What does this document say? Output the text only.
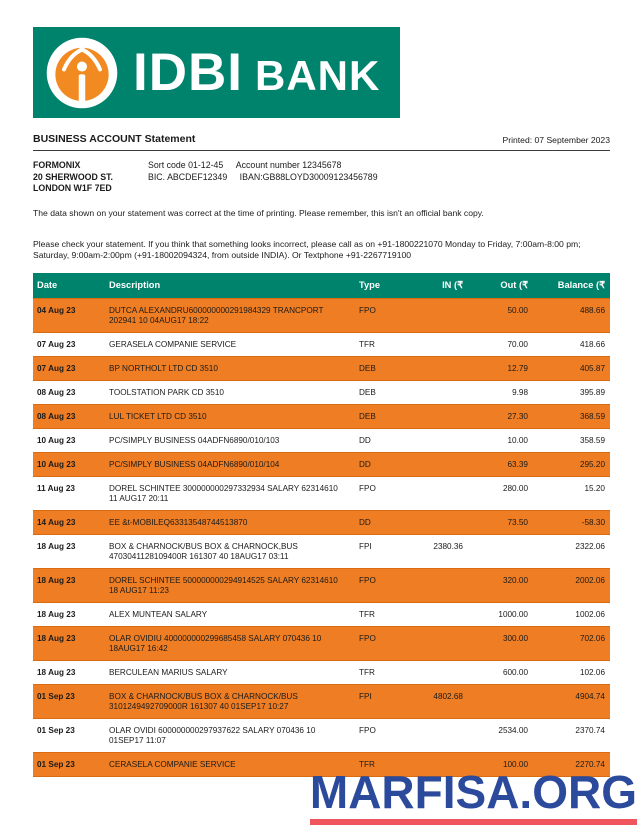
IDBI BANK
BUSINESS ACCOUNT Statement	Printed: 07 September 2023
FORMONIX
20 SHERWOOD ST.
LONDON W1F 7ED
Sort code 01-12-45 Account number 12345678
BIC. ABCDEF12349 IBAN:GB88LOYD30009123456789
The data shown on your statement was correct at the time of printing. Please remember, this isn't an official bank copy.
Please check your statement. If you think that something looks incorrect, please call as on +91-1800221070 Monday to Friday, 7:00am-8:00 pm; Saturday, 9:00am-2:00pm (+91-18002094324, from outside INDIA). Or Textphone +91-2267719100
Date	Description	Type	IN (₹	Out (₹	Balance (₹
04 Aug 23	DUTCA ALEXANDRU600000000291984329 TRANCPORT 202941 10 04AUG17 18:22	FPO		50.00	488.66
07 Aug 23	GERASELA COMPANIE SERVICE	TFR		70.00	418.66
07 Aug 23	BP NORTHOLT LTD CD 3510	DEB		12.79	405.87
08 Aug 23	TOOLSTATION PARK CD 3510	DEB		9.98	395.89
08 Aug 23	LUL TICKET LTD CD 3510	DEB		27.30	368.59
10 Aug 23	PC/SIMPLY BUSINESS 04ADFN6890/010/103	DD		10.00	358.59
10 Aug 23	PC/SIMPLY BUSINESS 04ADFN6890/010/104	DD		63.39	295.20
11 Aug 23	DOREL SCHINTEE 300000000297332934 SALARY 62314610 11 AUG17 20:11	FPO		280.00	15.20
14 Aug 23	EE &t-MOBILEQ63313548744513870	DD		73.50	-58.30
18 Aug 23	BOX & CHARNOCK/BUS BOX & CHARNOCK,BUS 4703041128109400R 161307 40 18AUG17 03:11	FPI	2380.36		2322.06
18 Aug 23	DOREL SCHINTEE 500000000294914525 SALARY 62314610 18 AUG17 11:23	FPO		320.00	2002.06
18 Aug 23	ALEX MUNTEAN SALARY	TFR		1000.00	1002.06
18 Aug 23	OLAR OVIDIU 400000000299685458 SALARY 070436 10 18AUG17 16:42	FPO		300.00	702.06
18 Aug 23	BERCULEAN MARIUS SALARY	TFR		600.00	102.06
01 Sep 23	BOX & CHARNOCK/BUS BOX & CHARNOCK/BUS 3101249492709000R 161307 40 01SEP17 10:27	FPI	4802.68		4904.74
01 Sep 23	OLAR OVIDI 600000000297937622 SALARY 070436 10 01SEP17 11:07	FPO		2534.00	2370.74
01 Sep 23	CERASELA COMPANIE SERVICE	TFR		100.00	2270.74
MARFISA.ORG
